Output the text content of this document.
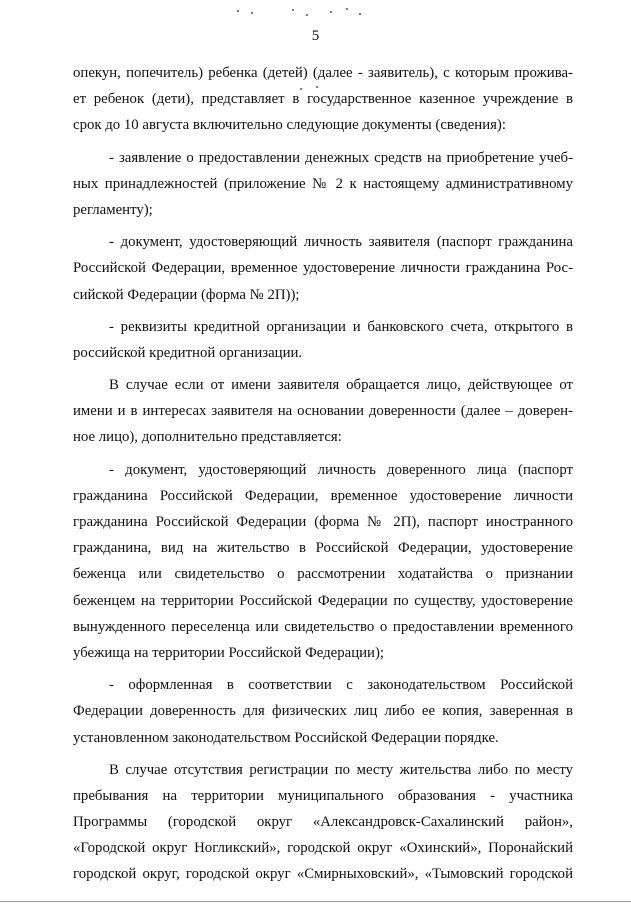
5
опекун, попечитель) ребенка (детей) (далее - заявитель), с которым прожива-
ет ребенок (дети), представляет в государственное казенное учреждение в
срок до 10 августа включительно следующие документы (сведения):
- заявление о предоставлении денежных средств на приобретение учеб-
ных принадлежностей (приложение № 2 к настоящему административному
регламенту);
- документ, удостоверяющий личность заявителя (паспорт гражданина
Российской Федерации, временное удостоверение личности гражданина Рос-
сийской Федерации (форма № 2П));
- реквизиты кредитной организации и банковского счета, открытого в
российской кредитной организации.
В случае если от имени заявителя обращается лицо, действующее от
имени и в интересах заявителя на основании доверенности (далее – доверен-
ное лицо), дополнительно представляется:
- документ, удостоверяющий личность доверенного лица (паспорт
гражданина Российской Федерации, временное удостоверение личности
гражданина Российской Федерации (форма № 2П), паспорт иностранного
гражданина, вид на жительство в Российской Федерации, удостоверение
беженца или свидетельство о рассмотрении ходатайства о признании
беженцем на территории Российской Федерации по существу, удостоверение
вынужденного переселенца или свидетельство о предоставлении временного
убежища на территории Российской Федерации);
- оформленная в соответствии с законодательством Российской
Федерации доверенность для физических лиц либо ее копия, заверенная в
установленном законодательством Российской Федерации порядке.
В случае отсутствия регистрации по месту жительства либо по месту
пребывания на территории муниципального образования - участника
Программы (городской округ «Александровск-Сахалинский район»,
«Городской округ Ногликский», городской округ «Охинский», Поронайский
городской округ, городской округ «Смирныховский», «Тымовский городской
